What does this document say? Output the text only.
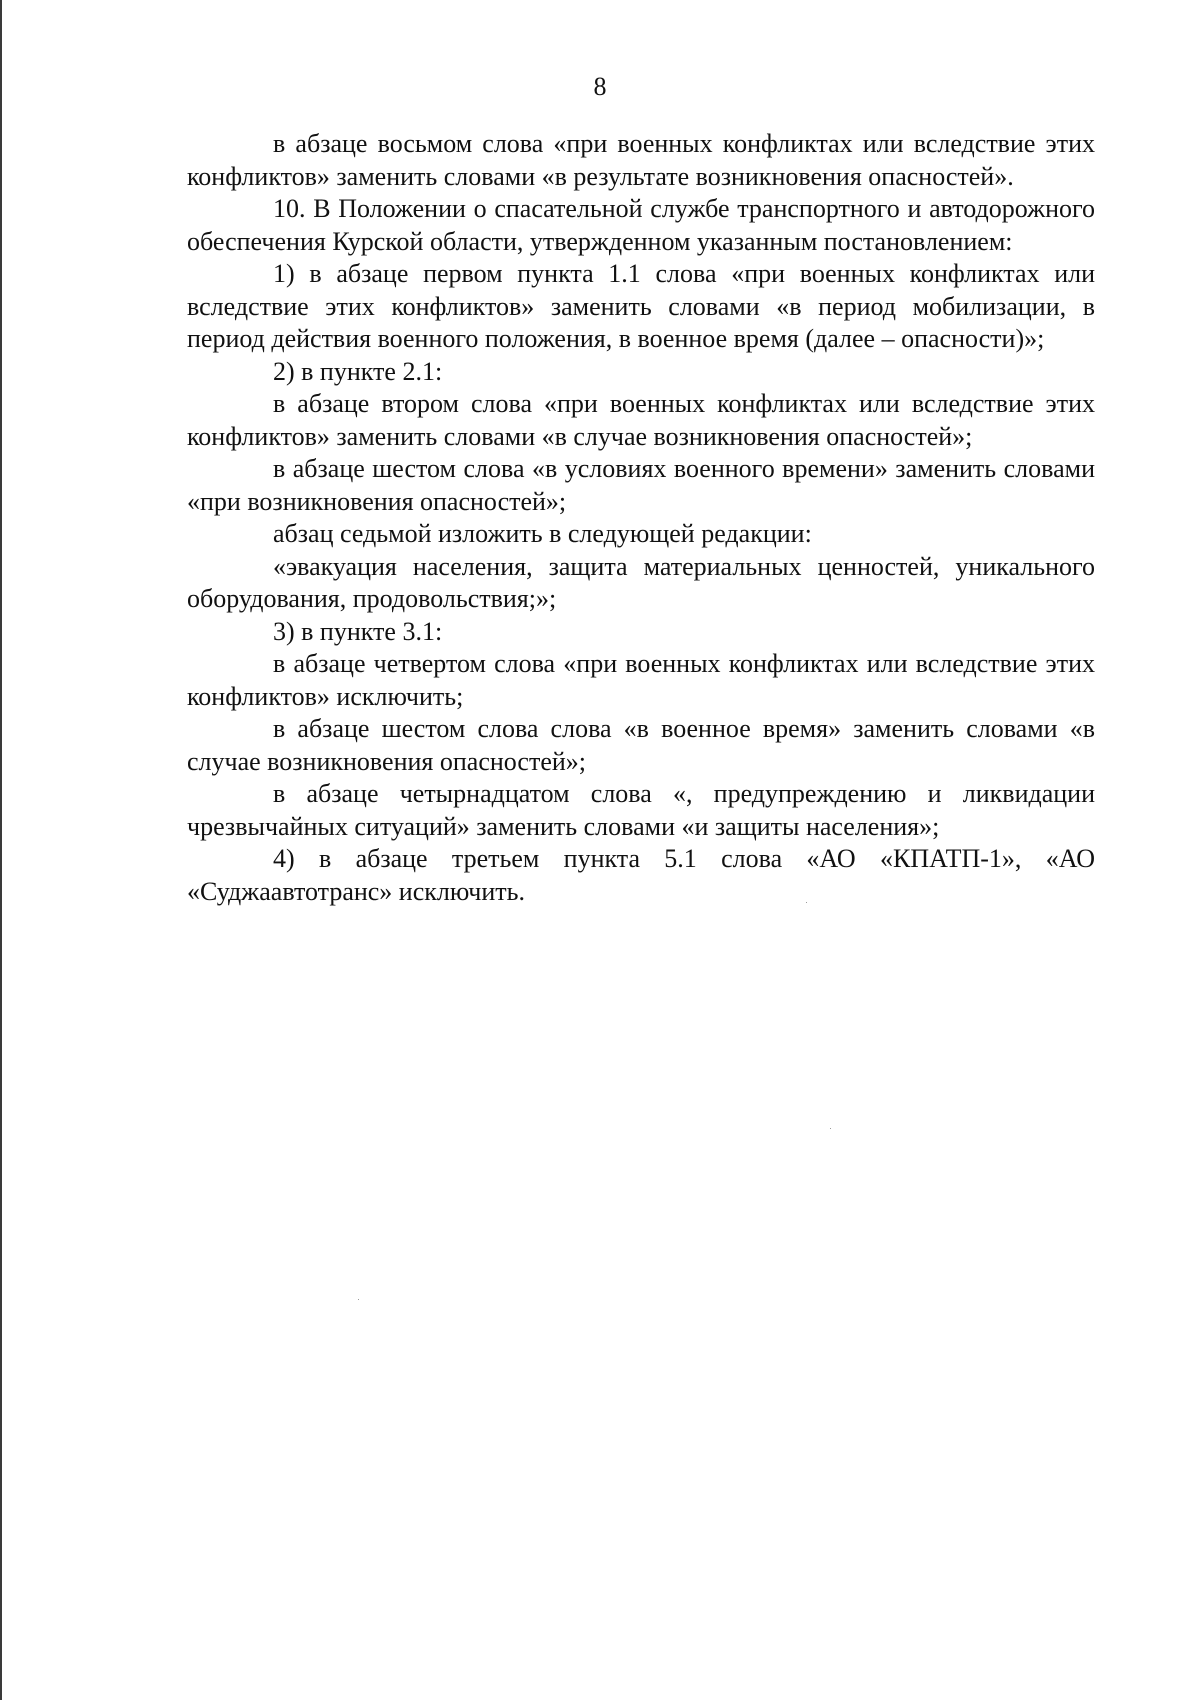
8

в абзаце восьмом слова «при военных конфликтах или вследствие этих конфликтов» заменить словами «в результате возникновения опасностей».

10. В Положении о спасательной службе транспортного и автодорожного обеспечения Курской области, утвержденном указанным постановлением:

1) в абзаце первом пункта 1.1 слова «при военных конфликтах или вследствие этих конфликтов» заменить словами «в период мобилизации, в период действия военного положения, в военное время (далее – опасности)»;

2) в пункте 2.1:

в абзаце втором слова «при военных конфликтах или вследствие этих конфликтов» заменить словами «в случае возникновения опасностей»;

в абзаце шестом слова «в условиях военного времени» заменить словами «при возникновения опасностей»;

абзац седьмой изложить в следующей редакции:

«эвакуация населения, защита материальных ценностей, уникального оборудования, продовольствия;»;

3) в пункте 3.1:

в абзаце четвертом слова «при военных конфликтах или вследствие этих конфликтов» исключить;

в абзаце шестом слова слова «в военное время» заменить словами «в случае возникновения опасностей»;

в абзаце четырнадцатом слова «, предупреждению и ликвидации чрезвычайных ситуаций» заменить словами «и защиты населения»;

4) в абзаце третьем пункта 5.1 слова «АО «КПАТП-1», «АО «Суджаавтотранс» исключить.
